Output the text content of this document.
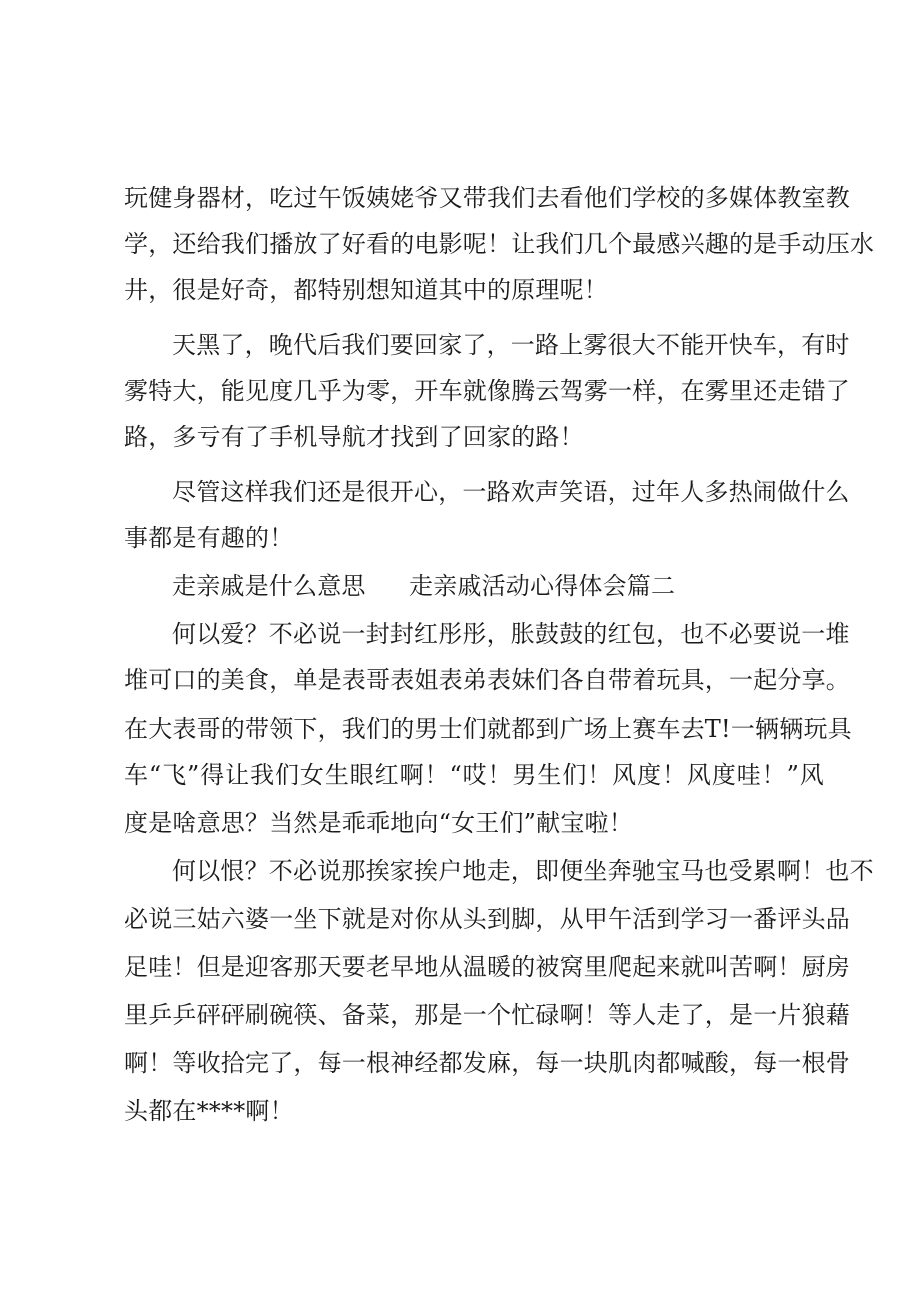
玩健身器材，吃过午饭姨姥爷又带我们去看他们学校的多媒体教室教
学，还给我们播放了好看的电影呢！让我们几个最感兴趣的是手动压水
井，很是好奇，都特别想知道其中的原理呢！
天黑了，晚代后我们要回家了，一路上雾很大不能开快车，有时
雾特大，能见度几乎为零，开车就像腾云驾雾一样，在雾里还走错了
路，多亏有了手机导航才找到了回家的路！
尽管这样我们还是很开心，一路欢声笑语，过年人多热闹做什么
事都是有趣的！
走亲戚是什么意思 走亲戚活动心得体会篇二
何以爱？不必说一封封红彤彤，胀鼓鼓的红包，也不必要说一堆
堆可口的美食，单是表哥表姐表弟表妹们各自带着玩具，一起分享。
在大表哥的带领下，我们的男士们就都到广场上赛车去T!一辆辆玩具
车“飞”得让我们女生眼红啊！“哎！男生们！风度！风度哇！”风
度是啥意思？当然是乖乖地向“女王们”献宝啦！
何以恨？不必说那挨家挨户地走，即便坐奔驰宝马也受累啊！也不
必说三姑六婆一坐下就是对你从头到脚，从甲午活到学习一番评头品
足哇！但是迎客那天要老早地从温暖的被窝里爬起来就叫苦啊！厨房
里乒乒砰砰刷碗筷、备菜，那是一个忙碌啊！等人走了，是一片狼藉
啊！等收拾完了，每一根神经都发麻，每一块肌肉都喊酸，每一根骨
头都在****啊！
